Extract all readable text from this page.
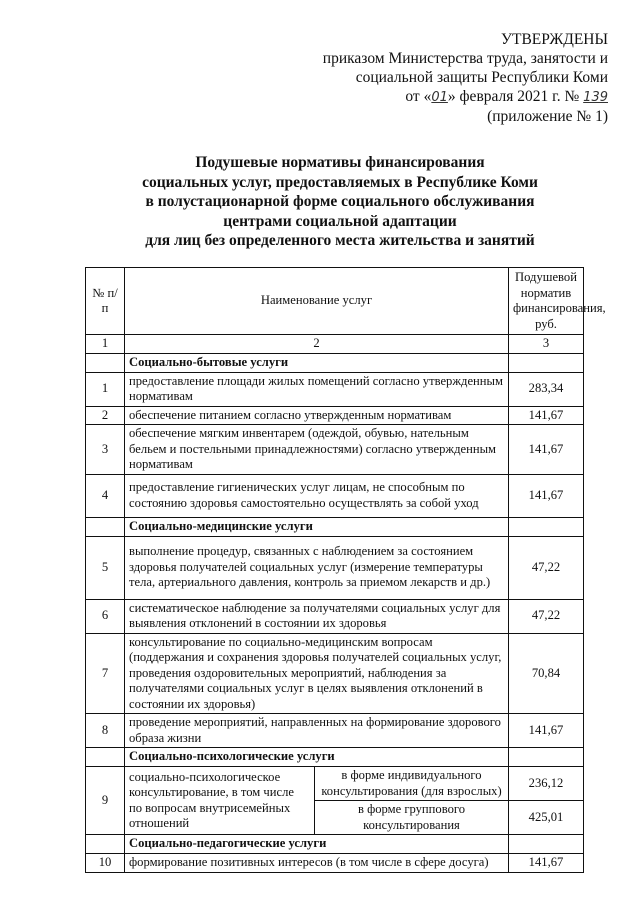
УТВЕРЖДЕНЫ
приказом Министерства труда, занятости и
социальной защиты Республики Коми
от «01» февраля 2021 г. № 139
(приложение № 1)
Подушевые нормативы финансирования
социальных услуг, предоставляемых в Республике Коми
в полустационарной форме социального обслуживания
центрами социальной адаптации
для лиц без определенного места жительства и занятий
№ п/п	Наименование услуг		Подушевой норматив финансирования, руб.
1	2		3
	Социально-бытовые услуги		
1	предоставление площади жилых помещений согласно утвержденным нормативам		283,34
2	обеспечение питанием согласно утвержденным нормативам		141,67
3	обеспечение мягким инвентарем (одеждой, обувью, нательным бельем и постельными принадлежностями) согласно утвержденным нормативам		141,67
4	предоставление гигиенических услуг лицам, не способным по состоянию здоровья самостоятельно осуществлять за собой уход		141,67
	Социально-медицинские услуги		
5	выполнение процедур, связанных с наблюдением за состоянием здоровья получателей социальных услуг (измерение температуры тела, артериального давления, контроль за приемом лекарств и др.)		47,22
6	систематическое наблюдение за получателями социальных услуг для выявления отклонений в состоянии их здоровья		47,22
7	консультирование по социально-медицинским вопросам (поддержания и сохранения здоровья получателей социальных услуг, проведения оздоровительных мероприятий, наблюдения за получателями социальных услуг в целях выявления отклонений в состоянии их здоровья)		70,84
8	проведение мероприятий, направленных на формирование здорового образа жизни		141,67
	Социально-психологические услуги		
9	социально-психологическое консультирование, в том числе по вопросам внутрисемейных отношений	в форме индивидуального консультирования (для взрослых)	236,12
		в форме группового консультирования	425,01
	Социально-педагогические услуги		
10	формирование позитивных интересов (в том числе в сфере досуга)		141,67
